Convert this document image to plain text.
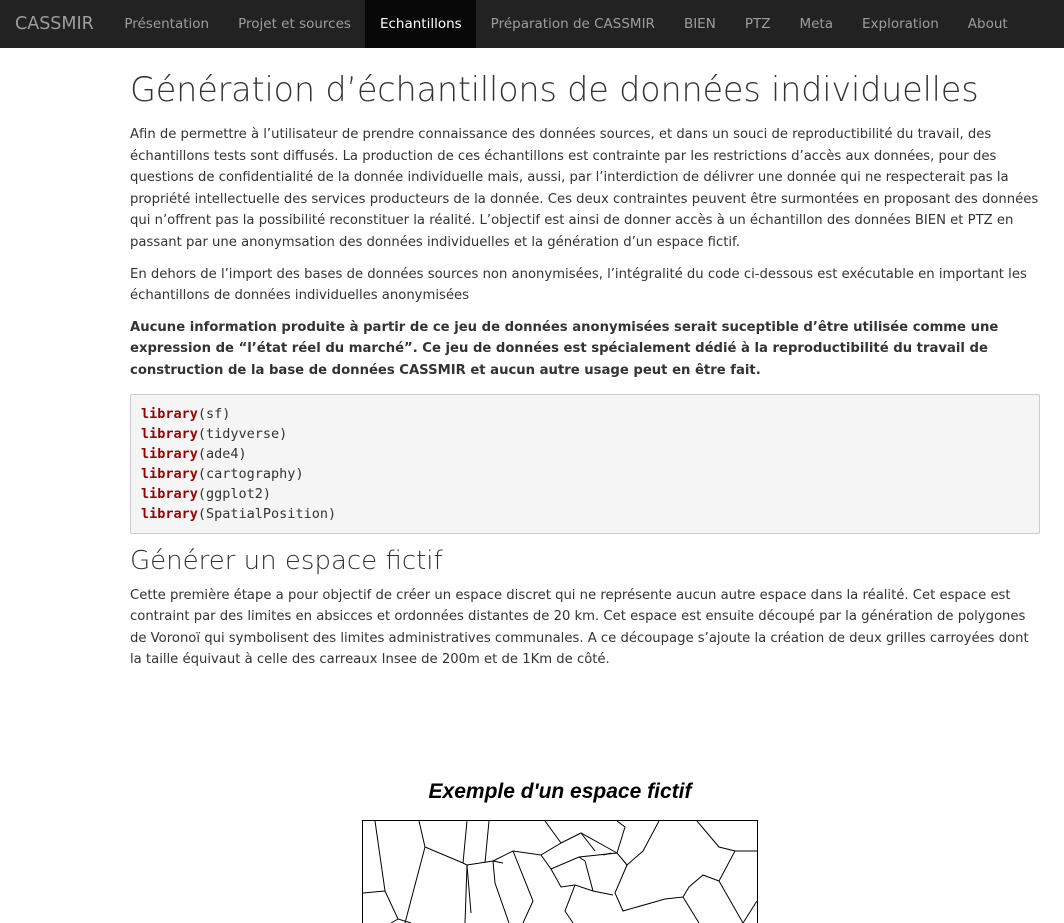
CASSMIR	Présentation	Projet et sources	Echantillons	Préparation de CASSMIR	BIEN	PTZ	Meta	Exploration	About
Génération d’échantillons de données individuelles

Afin de permettre à l’utilisateur de prendre connaissance des données sources, et dans un souci de reproductibilité du travail, des échantillons tests sont diffusés. La production de ces échantillons est contrainte par les restrictions d’accès aux données, pour des questions de confidentialité de la donnée individuelle mais, aussi, par l’interdiction de délivrer une donnée qui ne respecterait pas la propriété intellectuelle des services producteurs de la donnée. Ces deux contraintes peuvent être surmontées en proposant des données qui n’offrent pas la possibilité reconstituer la réalité. L’objectif est ainsi de donner accès à un échantillon des données BIEN et PTZ en passant par une anonymsation des données individuelles et la génération d’un espace fictif.

En dehors de l’import des bases de données sources non anonymisées, l’intégralité du code ci-dessous est exécutable en important les échantillons de données individuelles anonymisées

Aucune information produite à partir de ce jeu de données anonymisées serait suceptible d’être utilisée comme une expression de “l’état réel du marché”. Ce jeu de données est spécialement dédié à la reproductibilité du travail de construction de la base de données CASSMIR et aucun autre usage peut en être fait.

library(sf)
library(tidyverse)
library(ade4)
library(cartography)
library(ggplot2)
library(SpatialPosition)
Générer un espace fictif

Cette première étape a pour objectif de créer un espace discret qui ne représente aucun autre espace dans la réalité. Cet espace est contraint par des limites en absicces et ordonnées distantes de 20 km. Cet espace est ensuite découpé par la génération de polygones de Voronoï qui symbolisent des limites administratives communales. A ce découpage s’ajoute la création de deux grilles carroyées dont la taille équivaut à celle des carreaux Insee de 200m et de 1Km de côté.

Exemple d'un espace fictif
